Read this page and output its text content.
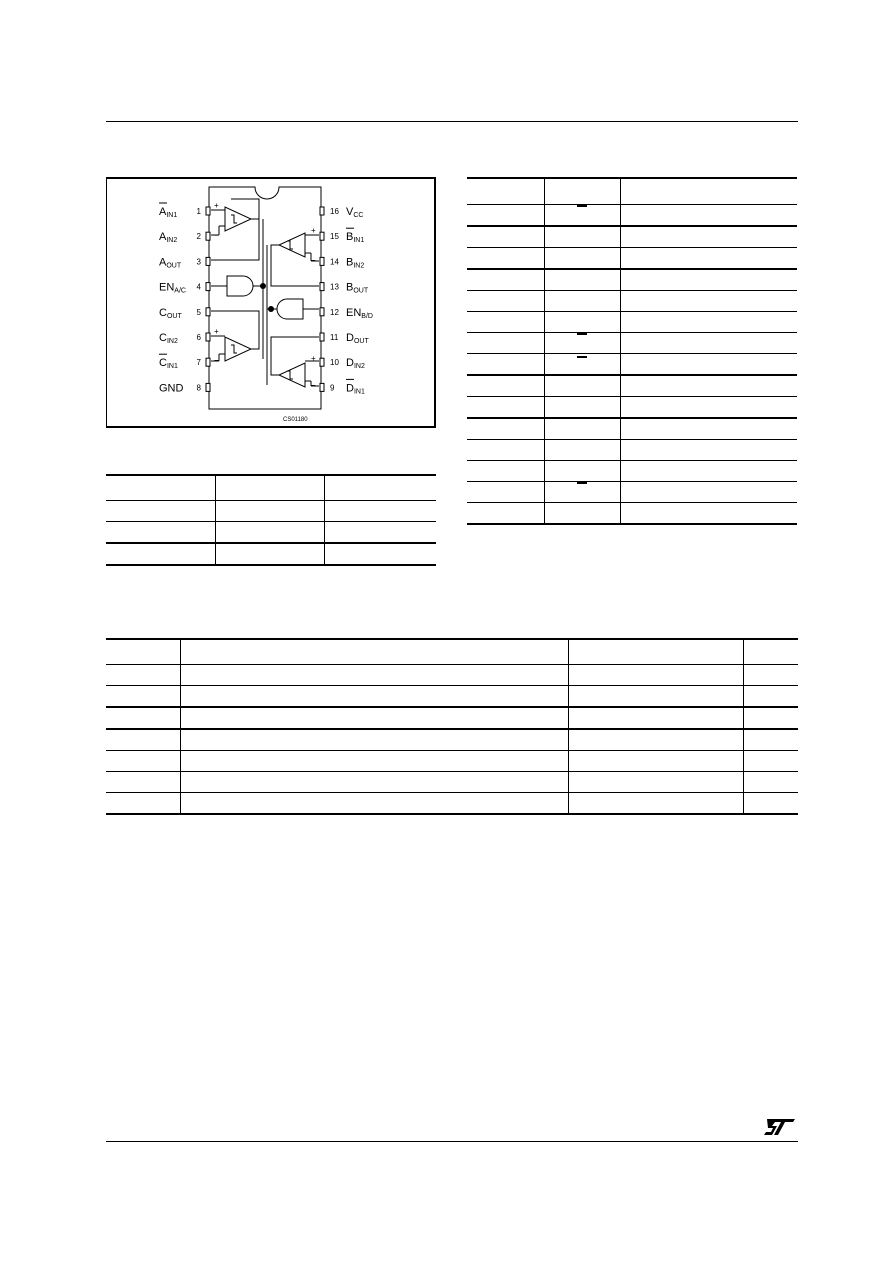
1
AIN1
2
AIN2
3
AOUT
4
ENA/C
5
COUT
6
CIN2
7
CIN1
8
GND
16 VCC
15 BIN1
14 BIN2
13 BOUT
12 ENB/D
11 DOUT
10 DIN2
9 DIN1
+
−
+
−
+
−
+
−
CS01180
